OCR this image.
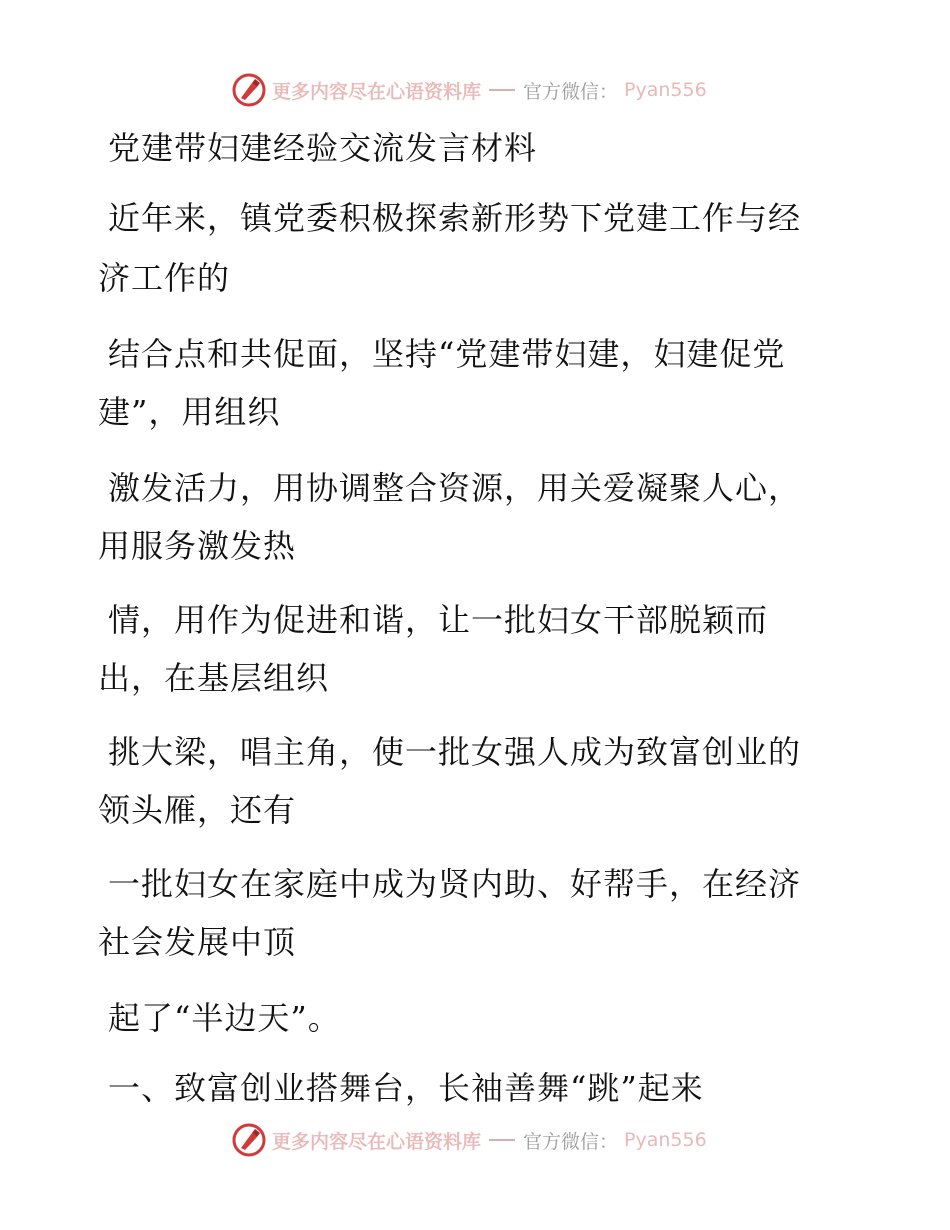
更多内容尽在心语资料库 官方微信： Pyan556
党建带妇建经验交流发言材料
近年来，镇党委积极探索新形势下党建工作与经
济工作的
结合点和共促面，坚持“党建带妇建，妇建促党
建”，用组织
激发活力，用协调整合资源，用关爱凝聚人心，
用服务激发热
情，用作为促进和谐，让一批妇女干部脱颖而
出，在基层组织
挑大梁，唱主角，使一批女强人成为致富创业的
领头雁，还有
一批妇女在家庭中成为贤内助、好帮手，在经济
社会发展中顶
起了“半边天”。
一、致富创业搭舞台，长袖善舞“跳”起来
更多内容尽在心语资料库 官方微信： Pyan556
